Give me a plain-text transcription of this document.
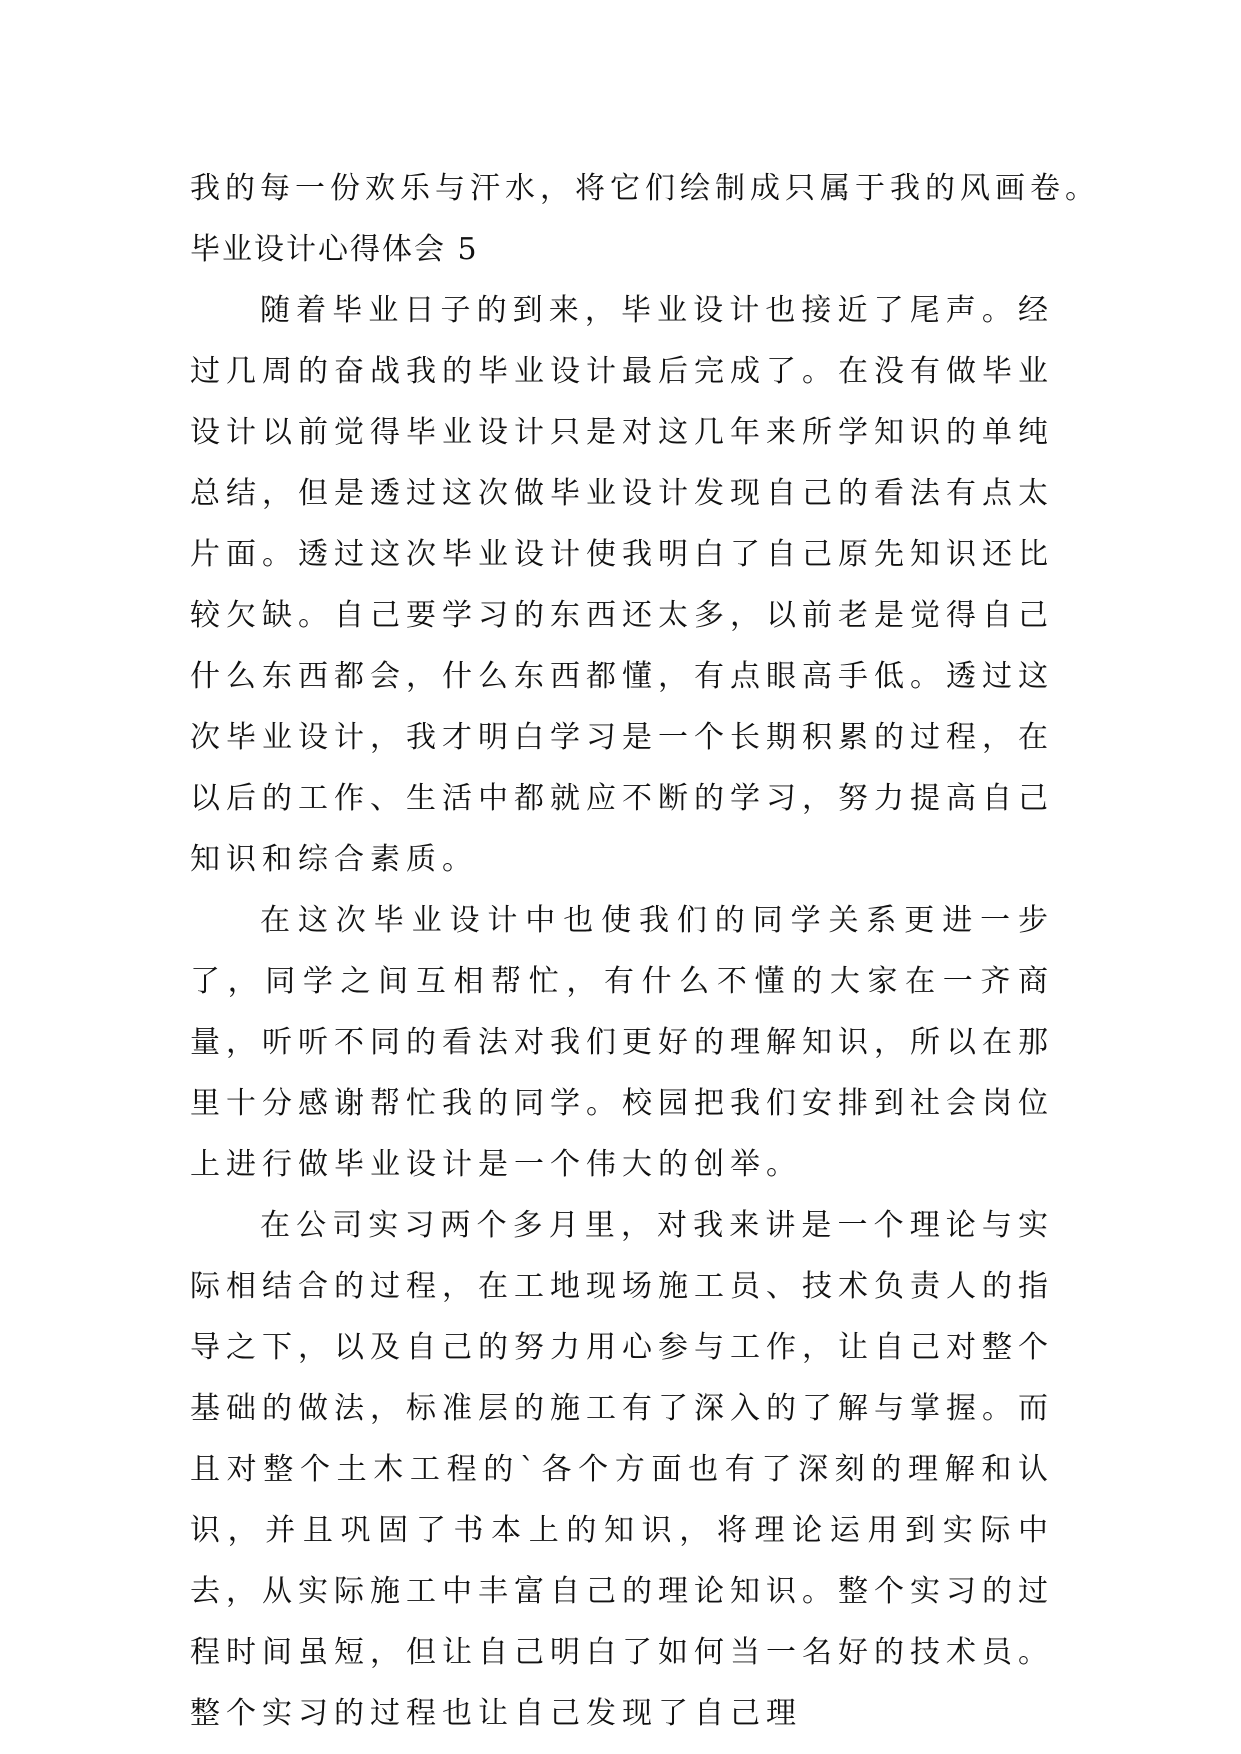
我的每一份欢乐与汗水，将它们绘制成只属于我的风画卷。
毕业设计心得体会 5

随着毕业日子的到来，毕业设计也接近了尾声。经过几周的奋战我的毕业设计最后完成了。在没有做毕业设计以前觉得毕业设计只是对这几年来所学知识的单纯总结，但是透过这次做毕业设计发现自己的看法有点太片面。透过这次毕业设计使我明白了自己原先知识还比较欠缺。自己要学习的东西还太多，以前老是觉得自己什么东西都会，什么东西都懂，有点眼高手低。透过这次毕业设计，我才明白学习是一个长期积累的过程，在以后的工作、生活中都就应不断的学习，努力提高自己知识和综合素质。

在这次毕业设计中也使我们的同学关系更进一步了，同学之间互相帮忙，有什么不懂的大家在一齐商量，听听不同的看法对我们更好的理解知识，所以在那里十分感谢帮忙我的同学。校园把我们安排到社会岗位上进行做毕业设计是一个伟大的创举。

在公司实习两个多月里，对我来讲是一个理论与实际相结合的过程，在工地现场施工员、技术负责人的指导之下，以及自己的努力用心参与工作，让自己对整个基础的做法，标准层的施工有了深入的了解与掌握。而且对整个土木工程的`各个方面也有了深刻的理解和认识，并且巩固了书本上的知识，将理论运用到实际中去，从实际施工中丰富自己的理论知识。整个实习的过程时间虽短，但让自己明白了如何当一名好的技术员。整个实习的过程也让自己发现了自己理
